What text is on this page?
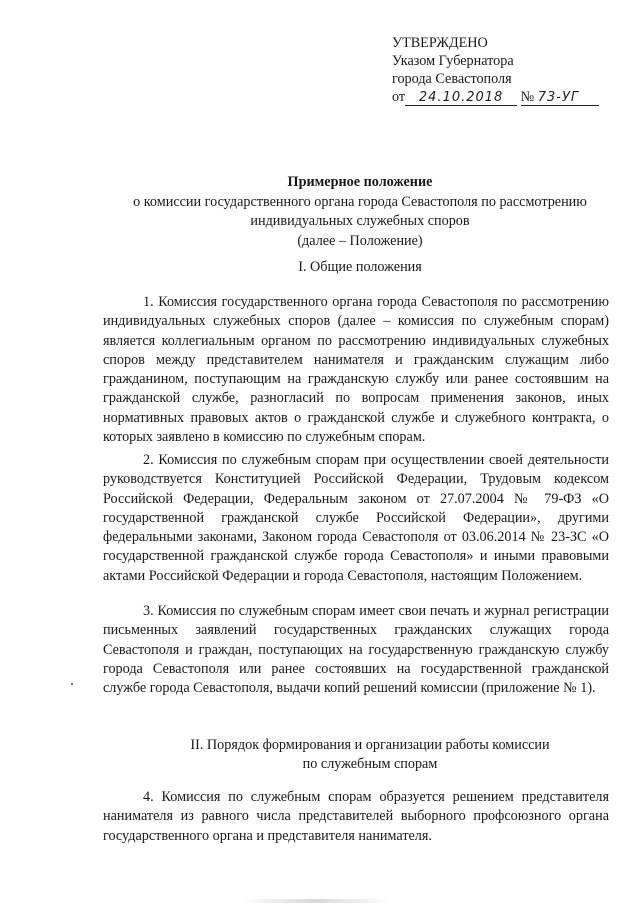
УТВЕРЖДЕНО
Указом Губернатора
города Севастополя
от 24.10.2018 № 73-УГ
Примерное положение
о комиссии государственного органа города Севастополя по рассмотрению
индивидуальных служебных споров
(далее – Положение)
I. Общие положения
1. Комиссия государственного органа города Севастополя по рассмотрению индивидуальных служебных споров (далее – комиссия по служебным спорам) является коллегиальным органом по рассмотрению индивидуальных служебных споров между представителем нанимателя и гражданским служащим либо гражданином, поступающим на гражданскую службу или ранее состоявшим на гражданской службе, разногласий по вопросам применения законов, иных нормативных правовых актов о гражданской службе и служебного контракта, о которых заявлено в комиссию по служебным спорам.
2. Комиссия по служебным спорам при осуществлении своей деятельности руководствуется Конституцией Российской Федерации, Трудовым кодексом Российской Федерации, Федеральным законом от 27.07.2004 № 79-ФЗ «О государственной гражданской службе Российской Федерации», другими федеральными законами, Законом города Севастополя от 03.06.2014 № 23-ЗС «О государственной гражданской службе города Севастополя» и иными правовыми актами Российской Федерации и города Севастополя, настоящим Положением.
3. Комиссия по служебным спорам имеет свои печать и журнал регистрации письменных заявлений государственных гражданских служащих города Севастополя и граждан, поступающих на государственную гражданскую службу города Севастополя или ранее состоявших на государственной гражданской службе города Севастополя, выдачи копий решений комиссии (приложение № 1).
II. Порядок формирования и организации работы комиссии
по служебным спорам
4. Комиссия по служебным спорам образуется решением представителя нанимателя из равного числа представителей выборного профсоюзного органа государственного органа и представителя нанимателя.
